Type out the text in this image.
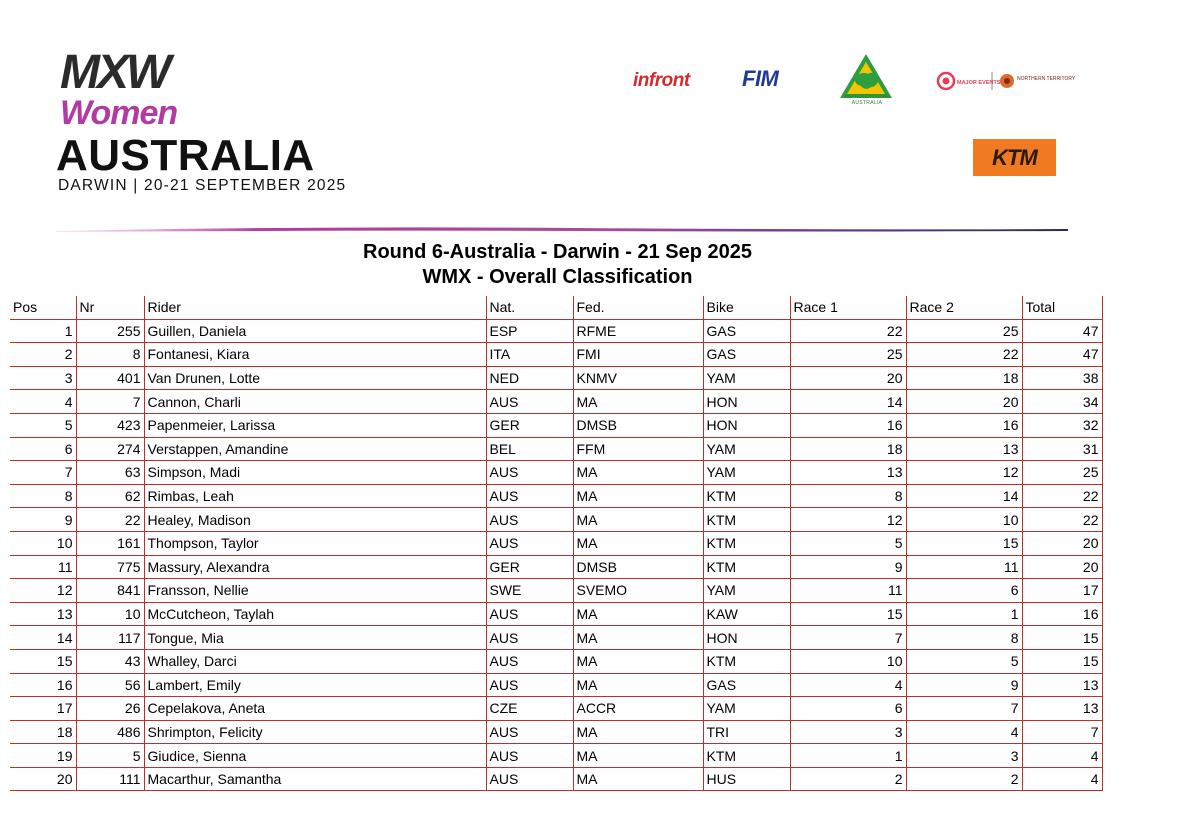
MXW
Women
AUSTRALIA
DARWIN | 20-21 SEPTEMBER 2025
infront FIM
MOTORCYCLING AUSTRALIA
MAJOR EVENTS
NORTHERN TERRITORY
KTM
Round 6-Australia - Darwin - 21 Sep 2025
WMX - Overall Classification
Pos	Nr	Rider	Nat.	Fed.	Bike	Race 1	Race 2	Total
1	255	Guillen, Daniela	ESP	RFME	GAS	22	25	47
2	8	Fontanesi, Kiara	ITA	FMI	GAS	25	22	47
3	401	Van Drunen, Lotte	NED	KNMV	YAM	20	18	38
4	7	Cannon, Charli	AUS	MA	HON	14	20	34
5	423	Papenmeier, Larissa	GER	DMSB	HON	16	16	32
6	274	Verstappen, Amandine	BEL	FFM	YAM	18	13	31
7	63	Simpson, Madi	AUS	MA	YAM	13	12	25
8	62	Rimbas, Leah	AUS	MA	KTM	8	14	22
9	22	Healey, Madison	AUS	MA	KTM	12	10	22
10	161	Thompson, Taylor	AUS	MA	KTM	5	15	20
11	775	Massury, Alexandra	GER	DMSB	KTM	9	11	20
12	841	Fransson, Nellie	SWE	SVEMO	YAM	11	6	17
13	10	McCutcheon, Taylah	AUS	MA	KAW	15	1	16
14	117	Tongue, Mia	AUS	MA	HON	7	8	15
15	43	Whalley, Darci	AUS	MA	KTM	10	5	15
16	56	Lambert, Emily	AUS	MA	GAS	4	9	13
17	26	Cepelakova, Aneta	CZE	ACCR	YAM	6	7	13
18	486	Shrimpton, Felicity	AUS	MA	TRI	3	4	7
19	5	Giudice, Sienna	AUS	MA	KTM	1	3	4
20	111	Macarthur, Samantha	AUS	MA	HUS	2	2	4
